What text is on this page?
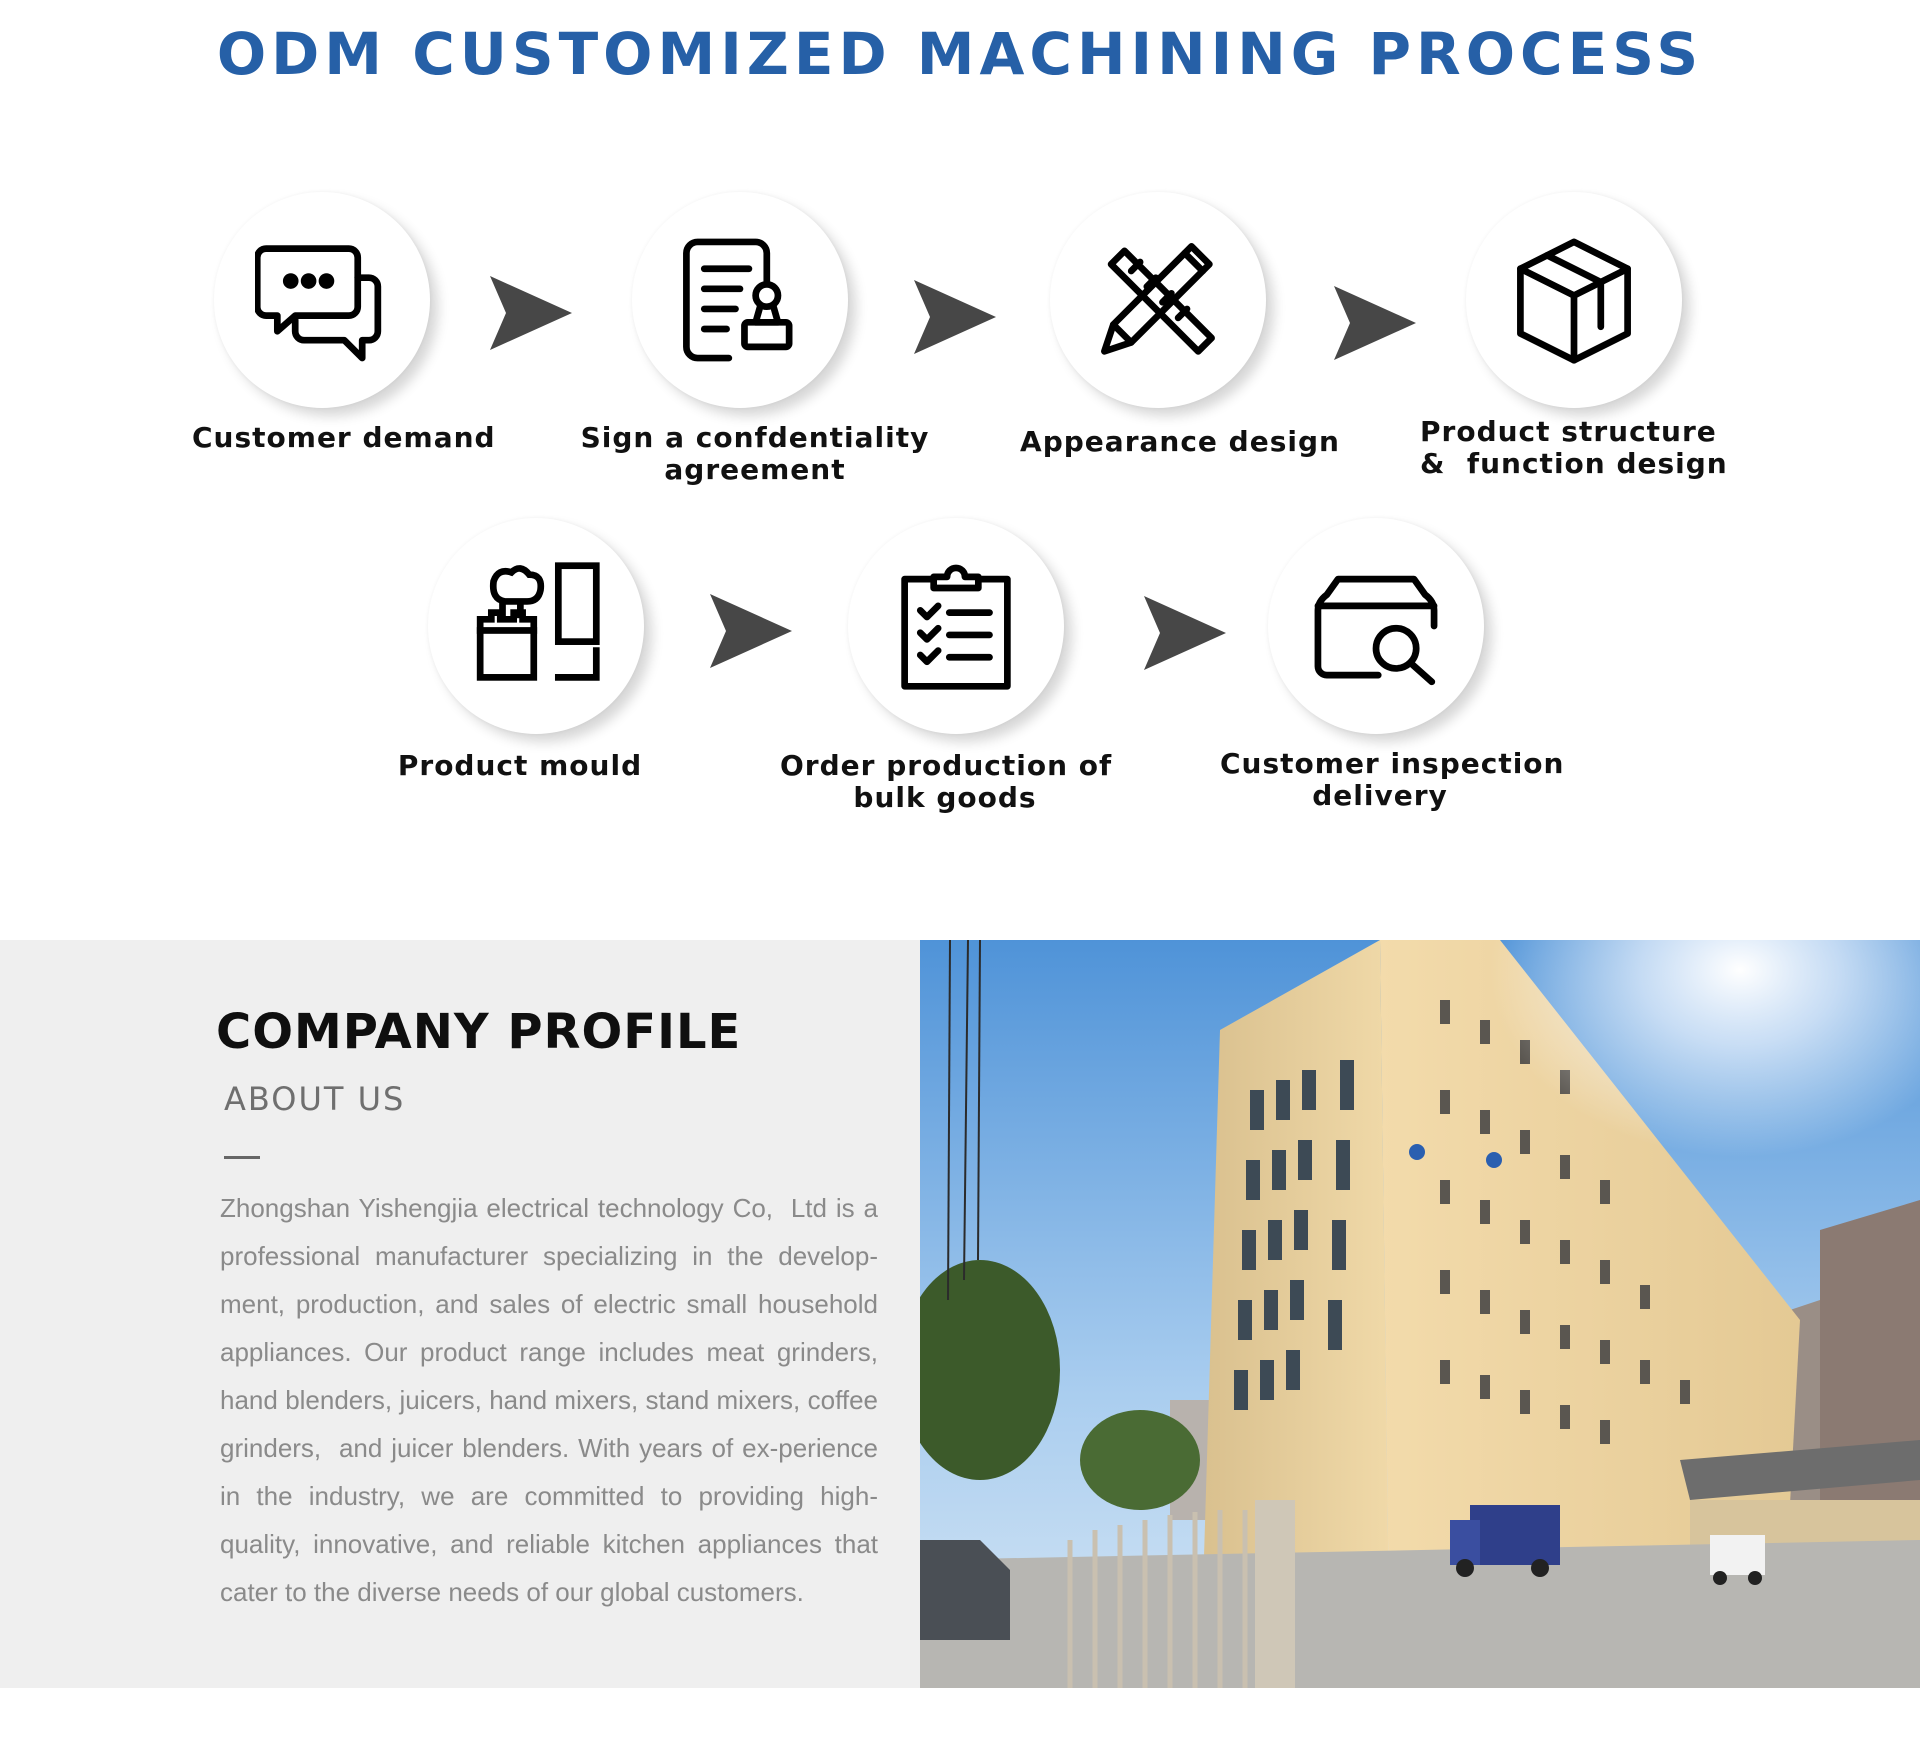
ODM CUSTOMIZED MACHINING PROCESS
Customer demand	Sign a confdentiality
agreement
Appearance design	Product structure
&  function design
Product mould	Order production of
bulk goods
Customer inspection
delivery
COMPANY PROFILE
ABOUT US
Zhongshan Yishengjia electrical technology Co,  Ltd is a professional manufacturer specializing in the develop-ment, production, and sales of electric small household appliances. Our product range includes meat grinders, hand blenders, juicers, hand mixers, stand mixers, coffee grinders,  and juicer blenders. With years of ex-perience in the industry, we are committed to providing high-quality, innovative, and reliable kitchen appliances that cater to the diverse needs of our global customers.
